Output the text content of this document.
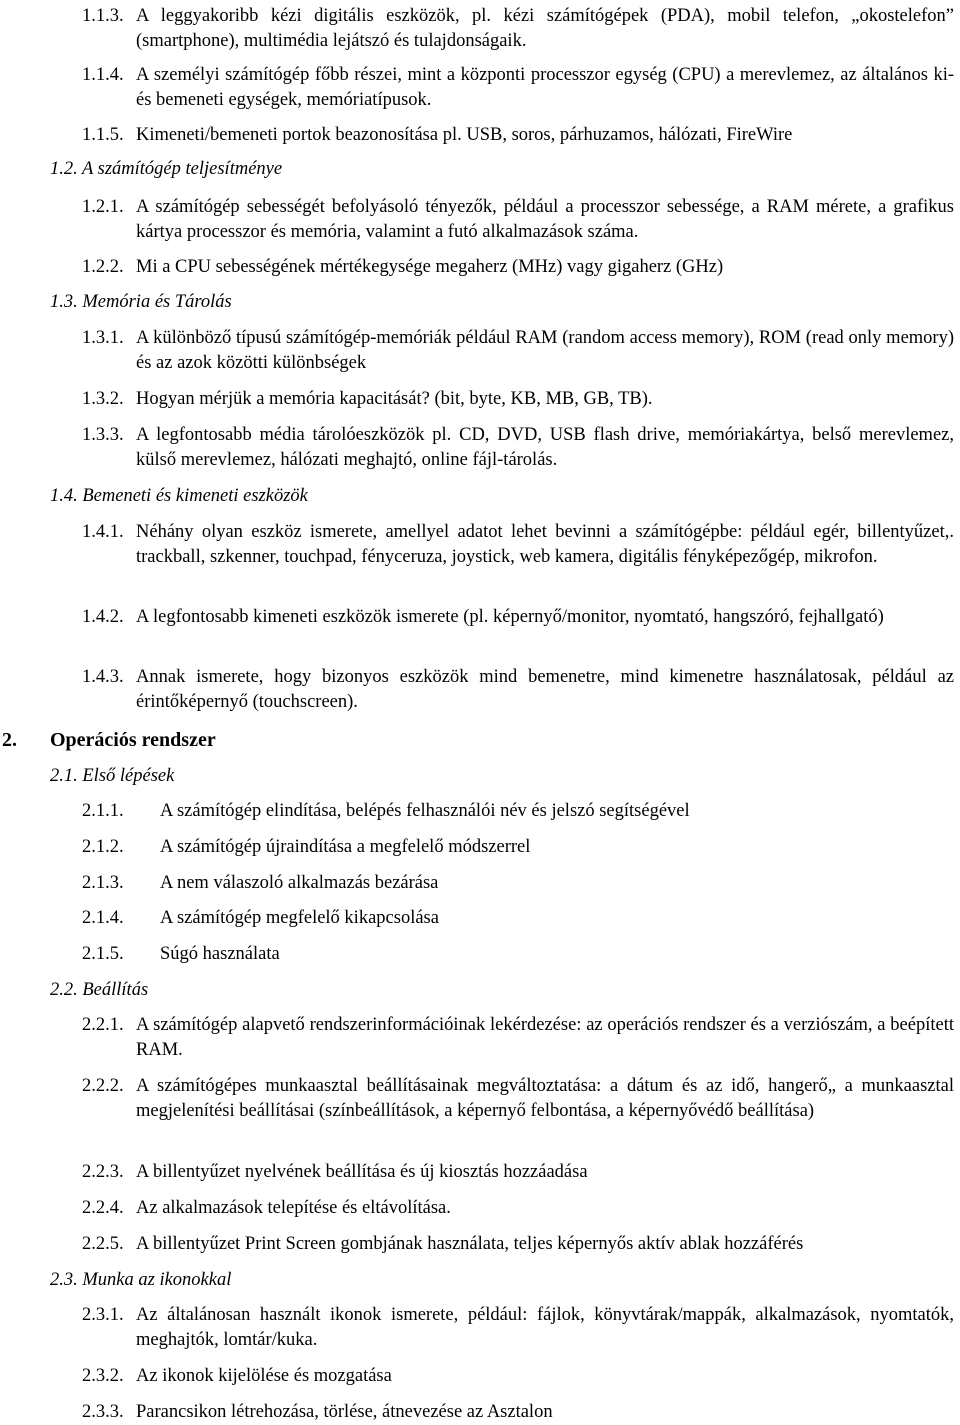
1.1.3. A leggyakoribb kézi digitális eszközök, pl. kézi számítógépek (PDA), mobil telefon, „okostelefon” (smartphone), multimédia lejátszó és tulajdonságaik.
1.1.4. A személyi számítógép főbb részei, mint a központi processzor egység (CPU) a merevlemez, az általános ki- és bemeneti egységek, memóriatípusok.
1.1.5. Kimeneti/bemeneti portok beazonosítása pl. USB, soros, párhuzamos, hálózati, FireWire
1.2. A számítógép teljesítménye
1.2.1. A számítógép sebességét befolyásoló tényezők, például a processzor sebessége, a RAM mérete, a grafikus kártya processzor és memória, valamint a futó alkalmazások száma.
1.2.2. Mi a CPU sebességének mértékegysége megaherz (MHz) vagy gigaherz (GHz)
1.3. Memória és Tárolás
1.3.1. A különböző típusú számítógép-memóriák például RAM (random access memory), ROM (read only memory) és az azok közötti különbségek
1.3.2. Hogyan mérjük a memória kapacitását? (bit, byte, KB, MB, GB, TB).
1.3.3. A legfontosabb média tárolóeszközök pl. CD, DVD, USB flash drive, memóriakártya, belső merevlemez, külső merevlemez, hálózati meghajtó, online fájl-tárolás.
1.4. Bemeneti és kimeneti eszközök
1.4.1. Néhány olyan eszköz ismerete, amellyel adatot lehet bevinni a számítógépbe: például egér, billentyűzet,. trackball, szkenner, touchpad, fényceruza, joystick, web kamera, digitális fényképezőgép, mikrofon.
1.4.2. A legfontosabb kimeneti eszközök ismerete (pl. képernyő/monitor, nyomtató, hangszóró, fejhallgató)
1.4.3. Annak ismerete, hogy bizonyos eszközök mind bemenetre, mind kimenetre használatosak, például az érintőképernyő (touchscreen).
2. Operációs rendszer
2.1. Első lépések
2.1.1. A számítógép elindítása, belépés felhasználói név és jelszó segítségével
2.1.2. A számítógép újraindítása a megfelelő módszerrel
2.1.3. A nem válaszoló alkalmazás bezárása
2.1.4. A számítógép megfelelő kikapcsolása
2.1.5. Súgó használata
2.2. Beállítás
2.2.1. A számítógép alapvető rendszerinformációinak lekérdezése: az operációs rendszer és a verziószám, a beépített RAM.
2.2.2. A számítógépes munkaasztal beállításainak megváltoztatása: a dátum és az idő, hangerő„ a munkaasztal megjelenítési beállításai (színbeállítások, a képernyő felbontása, a képernyővédő beállítása)
2.2.3. A billentyűzet nyelvének beállítása és új kiosztás hozzáadása
2.2.4. Az alkalmazások telepítése és eltávolítása.
2.2.5. A billentyűzet Print Screen gombjának használata, teljes képernyős aktív ablak hozzáférés
2.3. Munka az ikonokkal
2.3.1. Az általánosan használt ikonok ismerete, például: fájlok, könyvtárak/mappák, alkalmazások, nyomtatók, meghajtók, lomtár/kuka.
2.3.2. Az ikonok kijelölése és mozgatása
2.3.3. Parancsikon létrehozása, törlése, átnevezése az Asztalon
